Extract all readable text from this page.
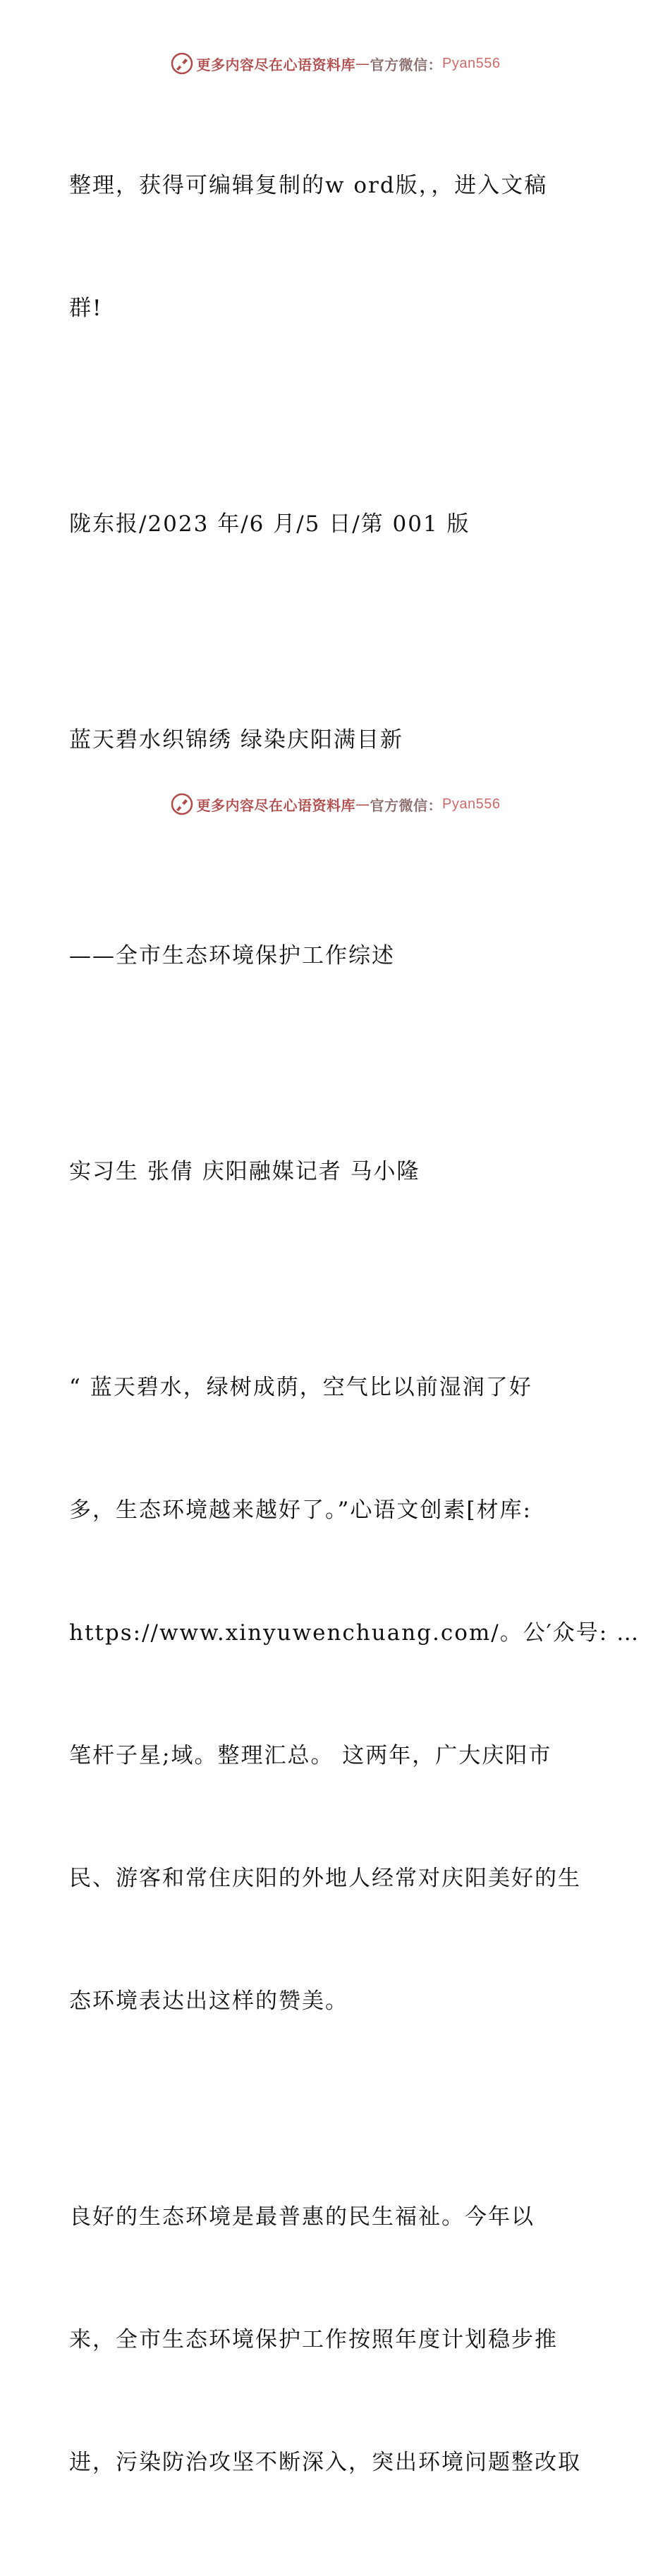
更多内容尽在心语资料库 — 官方微信： Pyan556

整理，获得可编辑复制的w ord版，，进入文稿

群!

陇东报/2023 年/6 月/5 日/第 001 版

蓝天碧水织锦绣 绿染庆阳满目新

——全市生态环境保护工作综述

实习生 张倩 庆阳融媒记者 马小隆

“ 蓝天碧水，绿树成荫，空气比以前湿润了好

多，生态环境越来越好了。”心语文创素[材库:

https://www.xinyuwenchuang.com/。公′众号: …

笔杆子星;域。整理汇总。 这两年，广大庆阳市

民、游客和常住庆阳的外地人经常对庆阳美好的生

态环境表达出这样的赞美。

良好的生态环境是最普惠的民生福祉。今年以

来，全市生态环境保护工作按照年度计划稳步推

进，污染防治攻坚不断深入，突出环境问题整改取

更多内容尽在心语资料库 — 官方微信： Pyan556
